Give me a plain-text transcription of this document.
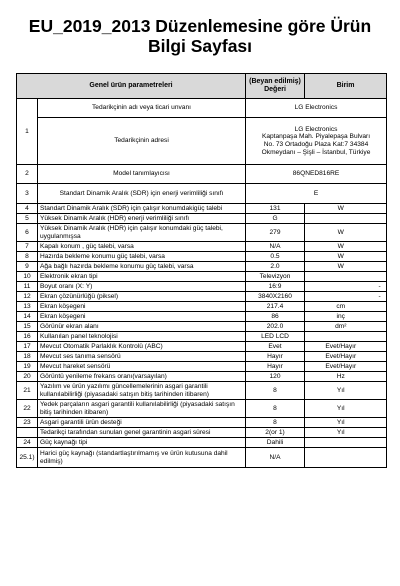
EU_2019_2013 Düzenlemesine göre Ürün Bilgi Sayfası
Genel ürün parametreleri		(Beyan edilmiş) Değeri	Birim	
1	Tedarikçinin adı veya ticari unvanı	LG Electronics		
	Tedarikçinin adresi	LG Electronics
Kaptanpaşa Mah. Piyalepaşa Bulvarı
No. 73 Ortadoğu Plaza Kat:7 34384
Okmeydanı – Şişli – İstanbul, Türkiye		

2	Model tanımlayıcısı	86QNED816RE		
3	Standart Dinamik Aralık (SDR) için enerji verimliliği sınıfı	E		
4	Standart Dinamik Aralık (SDR) için çalışır konumdakigüç talebi	131	W	
5	Yüksek Dinamik Aralık (HDR) enerji verimliliği sınıfı	G		
6	Yüksek Dinamik Aralık (HDR) için çalışır konumdaki güç talebi, uygulanmışsa	279	W	
7	Kapalı konum , güç talebi, varsa	N/A	W	
8	Hazırda bekleme konumu güç talebi, varsa	0.5	W	
9	Ağa bağlı hazırda bekleme konumu güç talebi, varsa	2.0	W	
10	Elektronik ekran tipi	Televizyon		
11	Boyut oranı (X: Y)	16:9		-
12	Ekran çözünürlüğü (piksel)	3840X2160		-
13	Ekran köşegeni	217.4	cm	
14	Ekran köşegeni	86	inç	
15	Görünür ekran alanı	202.0	dm²	
16	Kullanılan panel teknolojisi	LED LCD		
17	Mevcut Otomatik Parlaklık Kontrolü (ABC)	Evet	Evet/Hayır	
18	Mevcut ses tanıma sensörü	Hayır	Evet/Hayır	
19	Mevcut hareket sensörü	Hayır	Evet/Hayır	
20	Görüntü yenileme frekans oranı(varsayılan)	120	Hz	
21	Yazılım ve ürün yazılımı güncellemelerinin asgari garantili kullanılabilirliği (piyasadaki satışın bitiş tarihinden itibaren)	8	Yıl	
22	Yedek parçaların asgari garantili kullanılabilirliği (piyasadaki satışın bitiş tarihinden itibaren)	8	Yıl	
23	Asgari garantili ürün desteği	8	Yıl	
	Tedarikçi tarafından sunulan genel garantinin asgari süresi	2(or 1)	Yıl	
24	Güç kaynağı tipi	Dahili		
25.1)	Harici güç kaynağı (standartlaştırılmamış ve ürün kutusuna dahil edilmiş)	N/A		
